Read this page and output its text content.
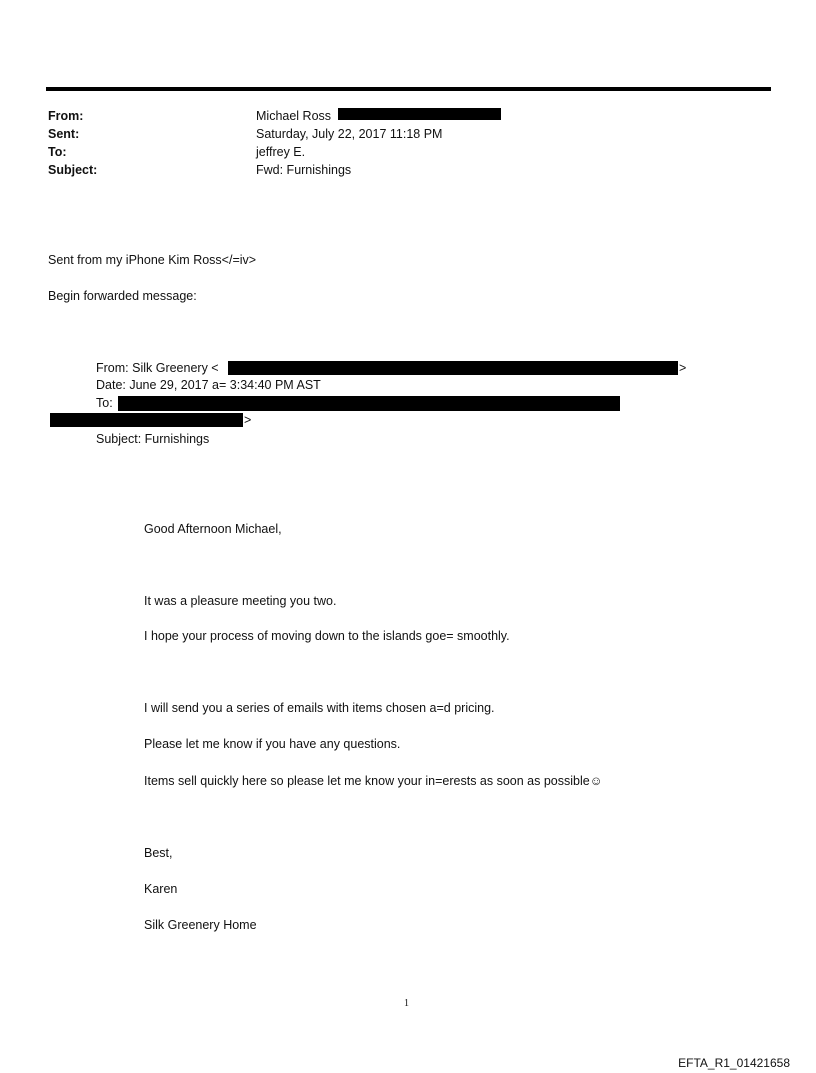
From:	Michael Ross
Sent:	Saturday, July 22, 2017 11:18 PM
To:	jeffrey E.
Subject:	Fwd: Furnishings
Sent from my iPhone Kim Ross</=iv>
Begin forwarded message:
From: Silk Greenery <	>
Date: June 29, 2017 a= 3:34:40 PM AST
To:
>
Subject: Furnishings
Good Afternoon Michael,
It was a pleasure meeting you two.
I hope your process of moving down to the islands goe= smoothly.
I will send you a series of emails with items chosen a=d pricing.
Please let me know if you have any questions.
Items sell quickly here so please let me know your in=erests as soon as possible☺
Best,
Karen
Silk Greenery Home
1
EFTA_R1_01421658
